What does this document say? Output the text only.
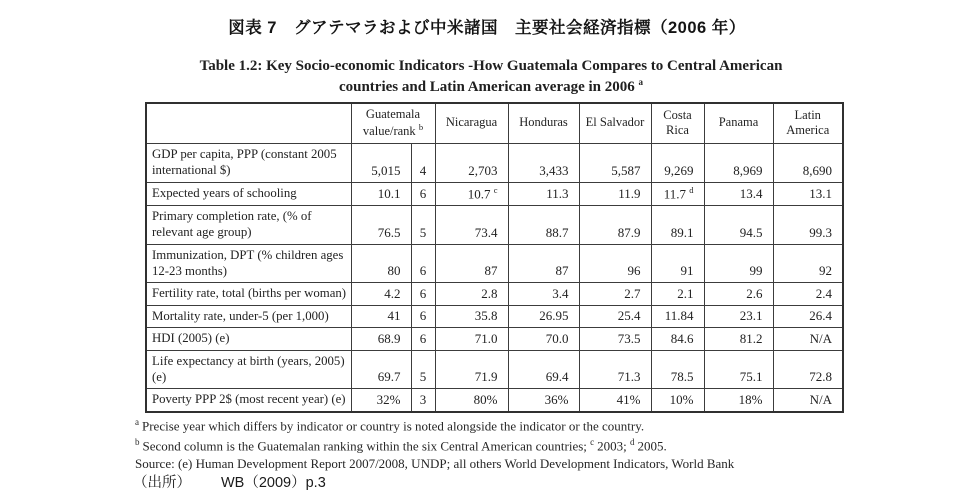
図表 7　グアテマラおよび中米諸国　主要社会経済指標（2006 年）
Table 1.2: Key Socio-economic Indicators -How Guatemala Compares to Central American
countries and Latin American average in 2006 $^a$
	Guatemala value/rank $^b$		Nicaragua	Honduras	El Salvador	Costa Rica	Panama	Latin America
GDP per capita, PPP (constant 2005 international $)	5,015	4	2,703	3,433	5,587	9,269	8,969	8,690
Expected years of schooling	10.1	6	10.7 $^c$	11.3	11.9	11.7 $^d$	13.4	13.1
Primary completion rate, (% of relevant age group)	76.5	5	73.4	88.7	87.9	89.1	94.5	99.3
Immunization, DPT (% children ages 12-23 months)	80	6	87	87	96	91	99	92
Fertility rate, total (births per woman)	4.2	6	2.8	3.4	2.7	2.1	2.6	2.4
Mortality rate, under-5 (per 1,000)	41	6	35.8	26.95	25.4	11.84	23.1	26.4
HDI (2005) (e)	68.9	6	71.0	70.0	73.5	84.6	81.2	N/A
Life expectancy at birth (years, 2005) (e)	69.7	5	71.9	69.4	71.3	78.5	75.1	72.8
Poverty PPP 2$ (most recent year) (e)	32%	3	80%	36%	41%	10%	18%	N/A
$^a$ Precise year which differs by indicator or country is noted alongside the indicator or the country.
$^b$ Second column is the Guatemalan ranking within the six Central American countries; $^c$ 2003; $^d$ 2005.
Source: (e) Human Development Report 2007/2008, UNDP; all others World Development Indicators, World Bank
（出所） WB（2009）p.3
